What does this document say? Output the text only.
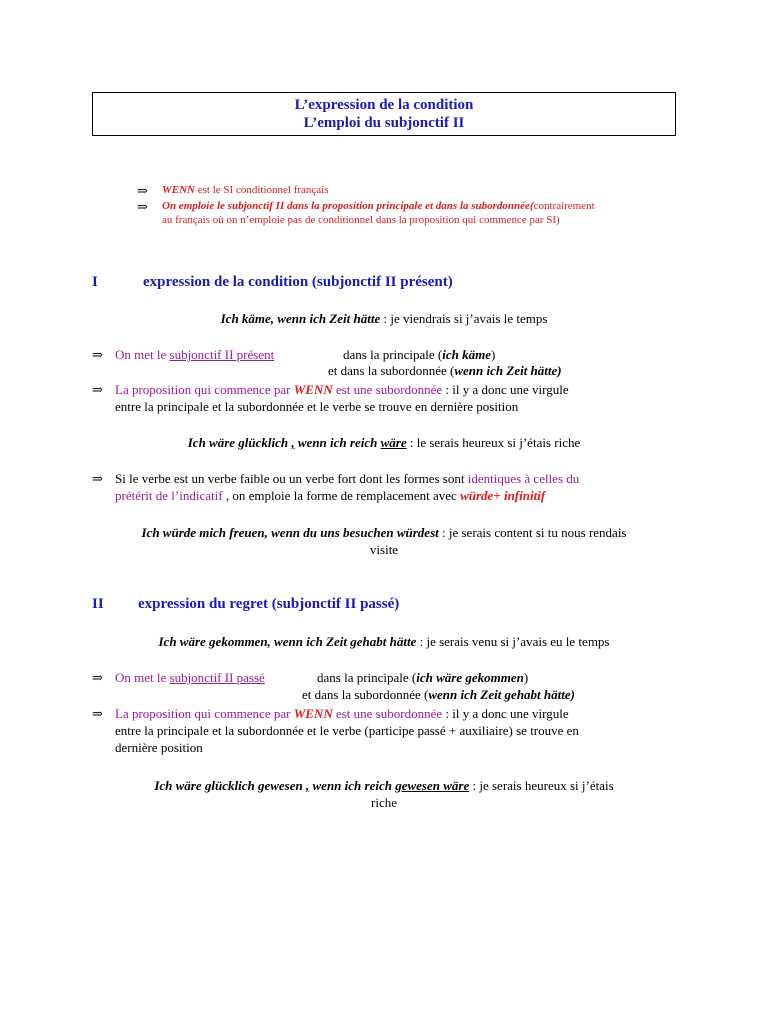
L’expression de la condition
L’emploi du subjonctif II
⇒ WENN est le SI conditionnel français
⇒ On emploie le subjonctif II dans la proposition principale et dans la subordonnée(contrairement
au français où on n’emploie pas de conditionnel dans la proposition qui commence par SI)
I	expression de la condition (subjonctif II présent)
Ich käme, wenn ich Zeit hätte : je viendrais si j’avais le temps
⇒ On met le subjonctif II présent	dans la principale (ich käme)
et dans la subordonnée (wenn ich Zeit hätte)
⇒ La proposition qui commence par WENN est une subordonnée : il y a donc une virgule
entre la principale et la subordonnée et le verbe se trouve en dernière position
Ich wäre glücklich , wenn ich reich wäre : le serais heureux si j’étais riche
⇒ Si le verbe est un verbe faible ou un verbe fort dont les formes sont identiques à celles du
prétérit de l’indicatif , on emploie la forme de remplacement avec würde+ infinitif
Ich würde mich freuen, wenn du uns besuchen würdest : je serais content si tu nous rendais
visite
II expression du regret (subjonctif II passé)
Ich wäre gekommen, wenn ich Zeit gehabt hätte : je serais venu si j’avais eu le temps
⇒ On met le subjonctif II passé	dans la principale (ich wäre gekommen)
et dans la subordonnée (wenn ich Zeit gehabt hätte)
⇒ La proposition qui commence par WENN est une subordonnée : il y a donc une virgule
entre la principale et la subordonnée et le verbe (participe passé + auxiliaire) se trouve en
dernière position
Ich wäre glücklich gewesen , wenn ich reich gewesen wäre : je serais heureux si j’étais
riche
